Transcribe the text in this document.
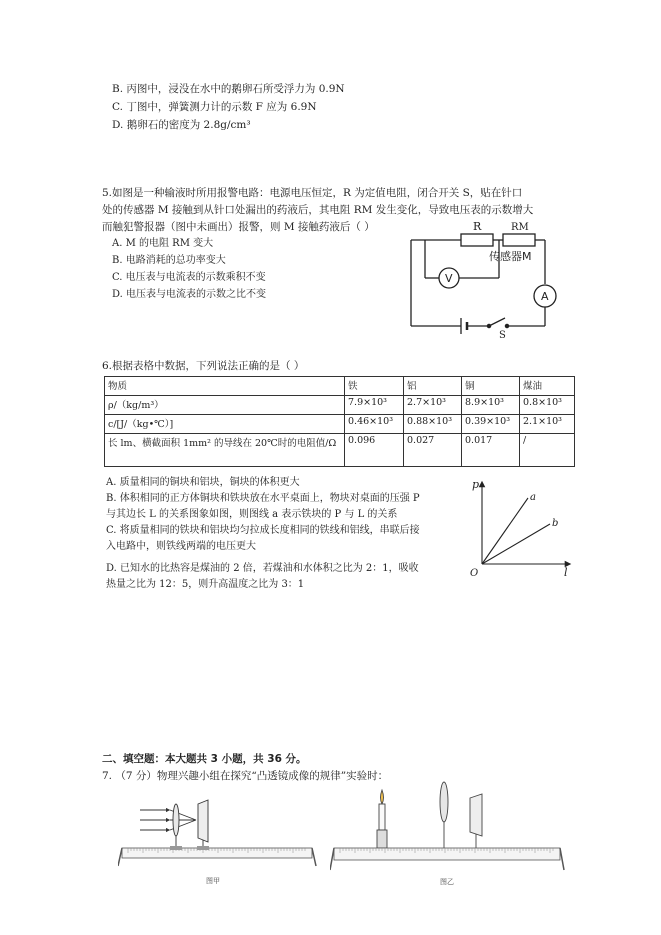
B. 丙图中，浸没在水中的鹅卵石所受浮力为 0.9N
C. 丁图中，弹簧测力计的示数 F 应为 6.9N
D. 鹅卵石的密度为 2.8g/cm³
5.如图是一种输液时所用报警电路：电源电压恒定，R 为定值电阻，闭合开关 S，贴在针口
处的传感器 M 接触到从针口处漏出的药液后，其电阻 RM 发生变化，导致电压表的示数增大
而触犯警报器（图中未画出）报警，则 M 接触药液后（ ）
A. M 的电阻 RM 变大
B. 电路消耗的总功率变大
C. 电压表与电流表的示数乘积不变
D. 电压表与电流表的示数之比不变
R	RM
传感器M
V
A
S
6.根据表格中数据，下列说法正确的是（ ）
物质	铁	铝	铜	煤油
ρ/（kg/m³）	7.9×10³	2.7×10³	8.9×10³	0.8×10³
c/[J/（kg•℃）]	0.46×10³	0.88×10³	0.39×10³	2.1×10³
长 lm、横截面积 1mm² 的导线在 20℃时的电阻值/Ω	0.096	0.027	0.017	/
A. 质量相同的铜块和铝块，铜块的体积更大
B. 体积相同的正方体铜块和铁块放在水平桌面上，物块对桌面的压强 P
与其边长 L 的关系图象如图，则图线 a 表示铁块的 P 与 L 的关系
C. 将质量相同的铁块和铝块均匀拉成长度相同的铁线和铝线，串联后接
入电路中，则铁线两端的电压更大
D. 已知水的比热容是煤油的 2 倍，若煤油和水体积之比为 2：1，吸收
热量之比为 12：5，则升高温度之比为 3：1
p
l
O
a
b
二、填空题：本大题共 3 小题，共 36 分。
7. （7 分）物理兴趣小组在探究“凸透镜成像的规律”实验时：
图甲	图乙
